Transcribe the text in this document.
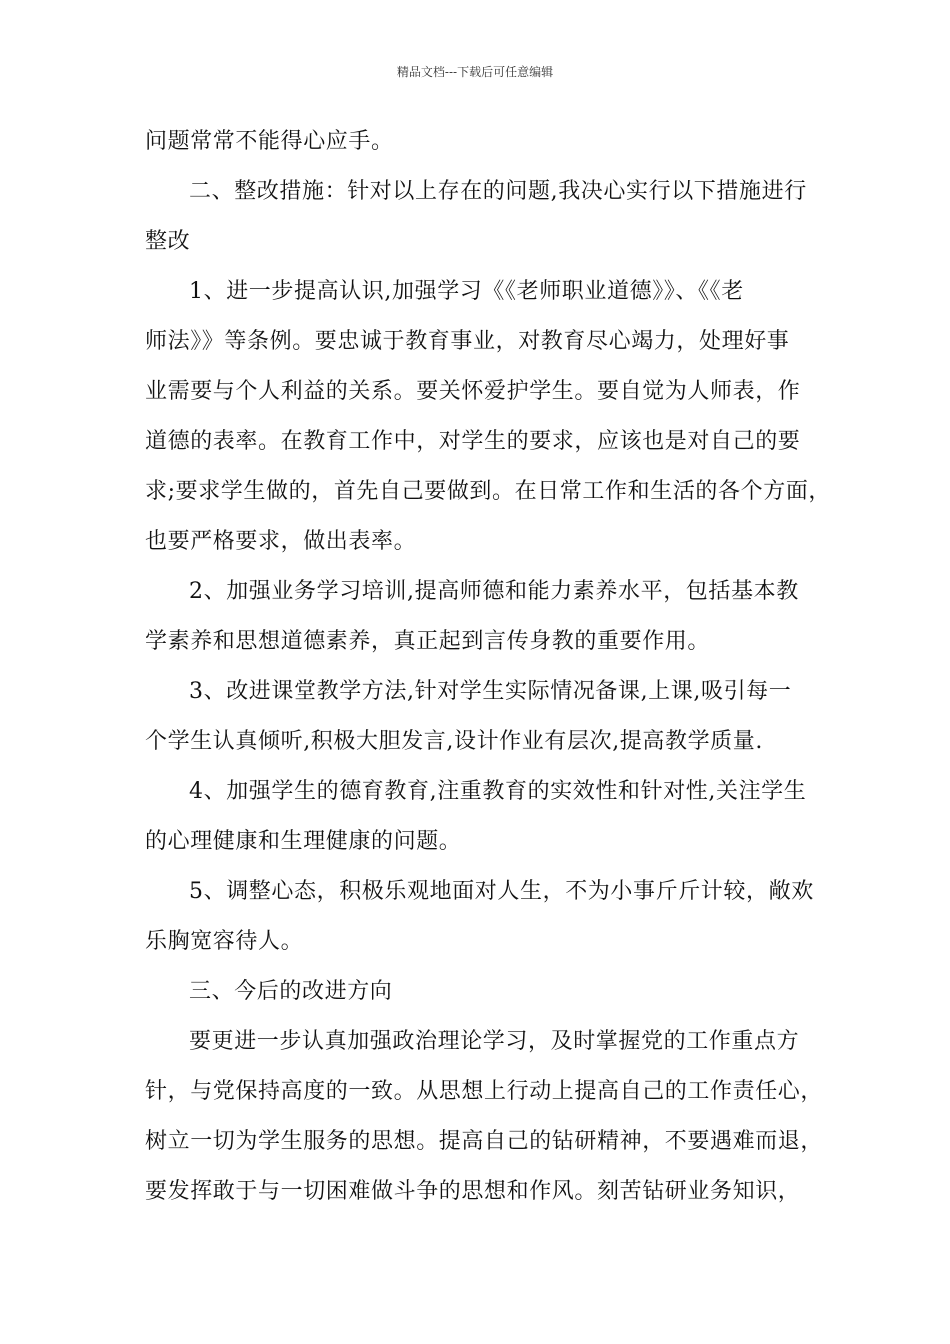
精品文档---下载后可任意编辑
问题常常不能得心应手。
二、整改措施：针对以上存在的问题,我决心实行以下措施进行
整改
1、进一步提高认识,加强学习《《老师职业道德》》、《《老
师法》》等条例。要忠诚于教育事业，对教育尽心竭力，处理好事
业需要与个人利益的关系。要关怀爱护学生。要自觉为人师表，作
道德的表率。在教育工作中，对学生的要求，应该也是对自己的要
求;要求学生做的，首先自己要做到。在日常工作和生活的各个方面，
也要严格要求，做出表率。
2、加强业务学习培训,提高师德和能力素养水平，包括基本教
学素养和思想道德素养，真正起到言传身教的重要作用。
3、改进课堂教学方法,针对学生实际情况备课,上课,吸引每一
个学生认真倾听,积极大胆发言,设计作业有层次,提高教学质量.
4、加强学生的德育教育,注重教育的实效性和针对性,关注学生
的心理健康和生理健康的问题。
5、调整心态，积极乐观地面对人生，不为小事斤斤计较，敞欢
乐胸宽容待人。
三、今后的改进方向
要更进一步认真加强政治理论学习，及时掌握党的工作重点方
针，与党保持高度的一致。从思想上行动上提高自己的工作责任心，
树立一切为学生服务的思想。提高自己的钻研精神，不要遇难而退，
要发挥敢于与一切困难做斗争的思想和作风。刻苦钻研业务知识，
